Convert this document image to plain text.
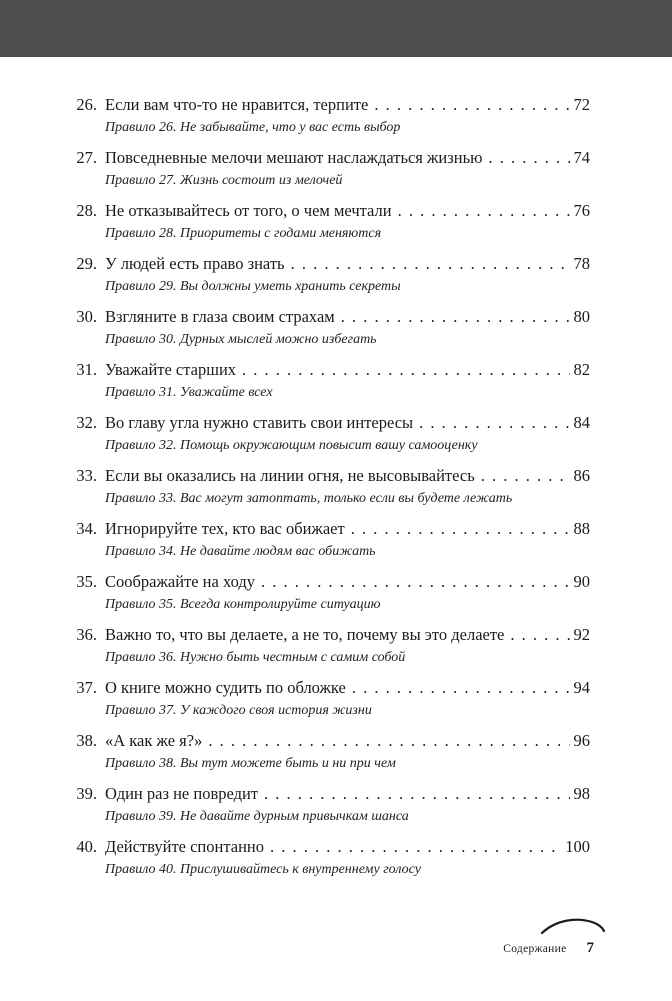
26. Если вам что-то не нравится, терпите . . .	72
Правило 26. Не забывайте, что у вас есть выбор
27. Повседневные мелочи мешают наслаждаться жизнью . . .	74
Правило 27. Жизнь состоит из мелочей
28. Не отказывайтесь от того, о чем мечтали . . .	76
Правило 28. Приоритеты с годами меняются
29. У людей есть право знать . . .	78
Правило 29. Вы должны уметь хранить секреты
30. Взгляните в глаза своим страхам . . .	80
Правило 30. Дурных мыслей можно избегать
31. Уважайте старших . . .	82
Правило 31. Уважайте всех
32. Во главу угла нужно ставить свои интересы . . .	84
Правило 32. Помощь окружающим повысит вашу самооценку
33. Если вы оказались на линии огня, не высовывайтесь . . .	86
Правило 33. Вас могут затоптать, только если вы будете лежать
34. Игнорируйте тех, кто вас обижает . . .	88
Правило 34. Не давайте людям вас обижать
35. Соображайте на ходу . . .	90
Правило 35. Всегда контролируйте ситуацию
36. Важно то, что вы делаете, а не то, почему вы это делаете . . .	92
Правило 36. Нужно быть честным с самим собой
37. О книге можно судить по обложке . . .	94
Правило 37. У каждого своя история жизни
38. «А как же я?» . . .	96
Правило 38. Вы тут можете быть и ни при чем
39. Один раз не повредит . . .	98
Правило 39. Не давайте дурным привычкам шанса
40. Действуйте спонтанно . . .	100
Правило 40. Прислушивайтесь к внутреннему голосу
Содержание 7
